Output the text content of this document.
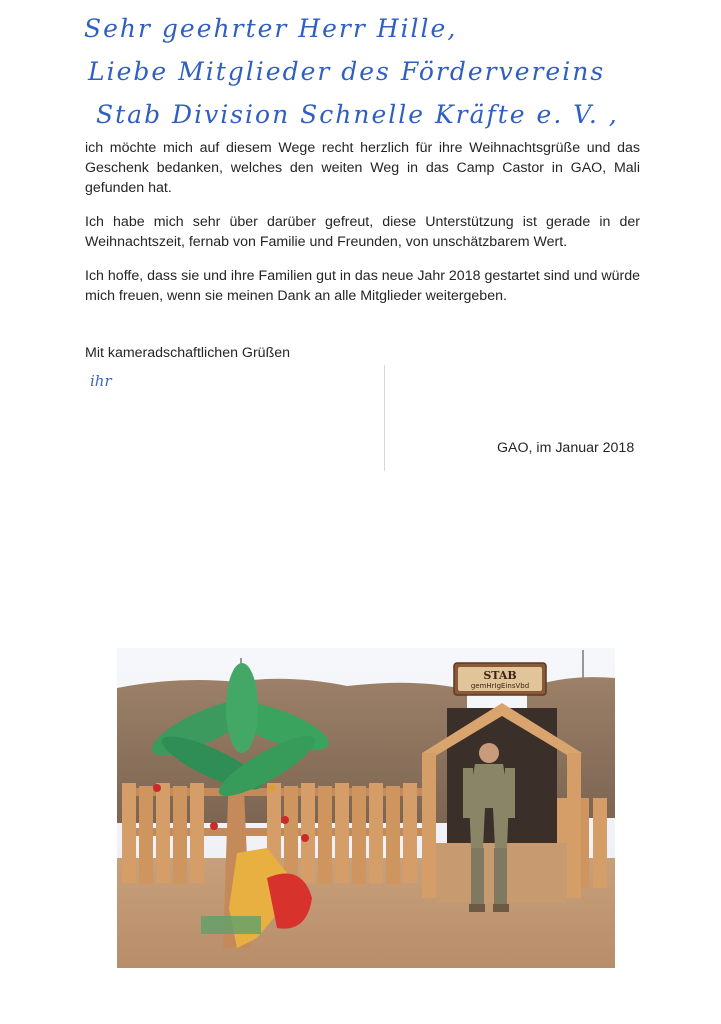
Sehr geehrter Herr Hille,
Liebe Mitglieder des Fördervereins
Stab Division Schnelle Kräfte e. V. ,

ich möchte mich auf diesem Wege recht herzlich für ihre Weihnachtsgrüße und das Geschenk bedanken, welches den weiten Weg in das Camp Castor in GAO, Mali gefunden hat.

Ich habe mich sehr über darüber gefreut, diese Unterstützung ist gerade in der Weihnachtszeit, fernab von Familie und Freunden, von unschätzbarem Wert.

Ich hoffe, dass sie und ihre Familien gut in das neue Jahr 2018 gestartet sind und würde mich freuen, wenn sie meinen Dank an alle Mitglieder weitergeben.

Mit kameradschaftlichen Grüßen
ihr
GAO, im Januar 2018
STAB
gemHrIgEinsVbd
